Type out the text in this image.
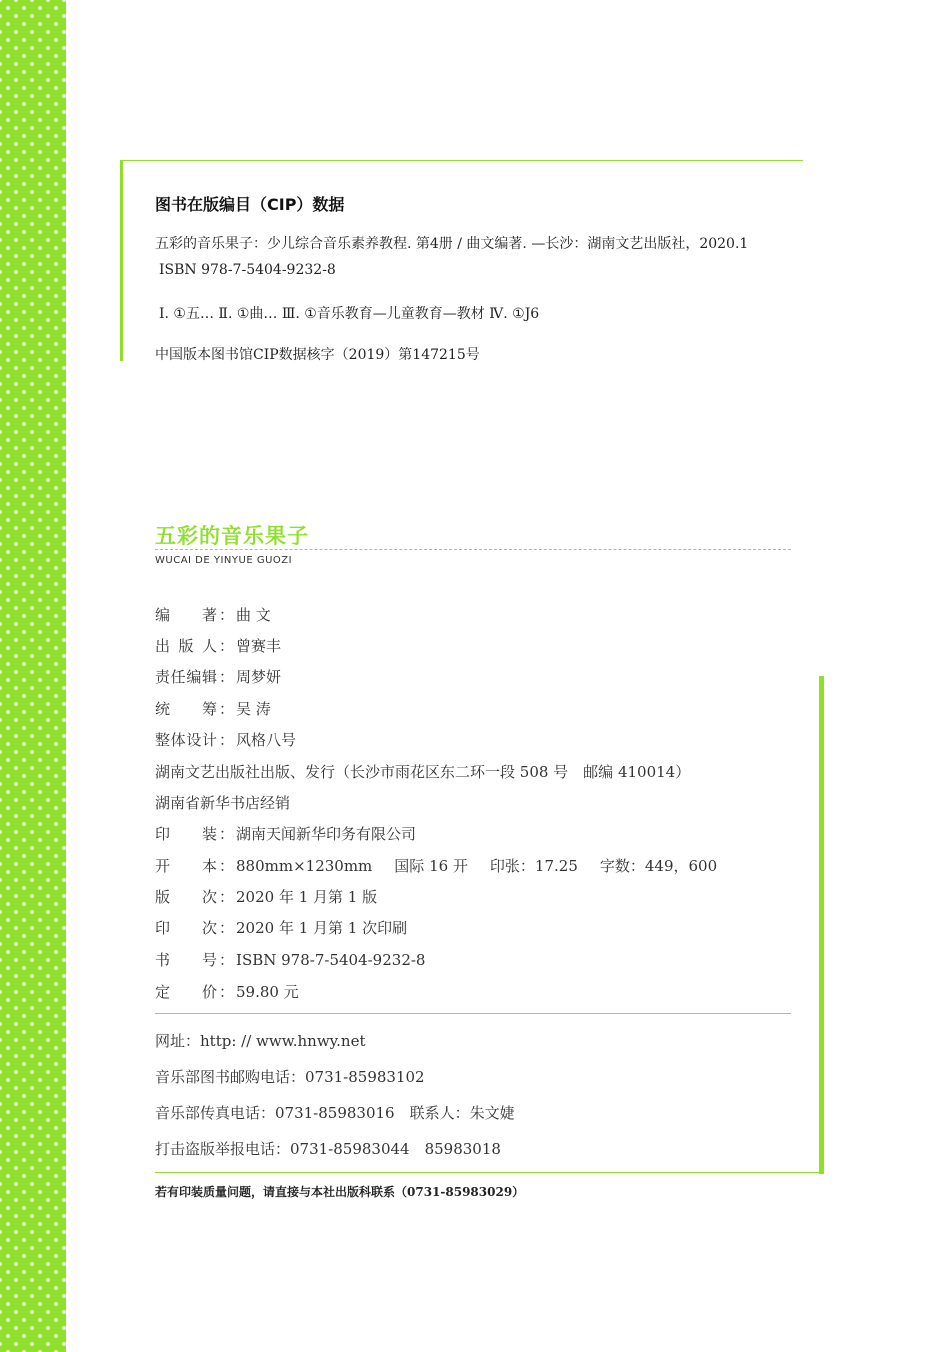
图书在版编目（CIP）数据
五彩的音乐果子：少儿综合音乐素养教程. 第4册 / 曲文编著. —长沙：湖南文艺出版社，2020.1
ISBN 978-7-5404-9232-8
Ⅰ. ①五… Ⅱ. ①曲… Ⅲ. ①音乐教育—儿童教育—教材 Ⅳ. ①J6
中国版本图书馆CIP数据核字（2019）第147215号
五彩的音乐果子
WUCAI DE YINYUE GUOZI
编著 ： 曲 文
出版人 ： 曾赛丰
责任编辑 ： 周梦妍
统筹 ： 吴 涛
整体设计 ： 风格八号
湖南文艺出版社出版、发行（长沙市雨花区东二环一段 508 号　邮编 410014）
湖南省新华书店经销
印装 ： 湖南天闻新华印务有限公司
开本 ： 880mm×1230mm 国际 16 开 印张：17.25 字数：449，600
版次 ： 2020 年 1 月第 1 版
印次 ： 2020 年 1 月第 1 次印刷
书号 ： ISBN 978-7-5404-9232-8
定价 ： 59.80 元
网址：http: // www.hnwy.net
音乐部图书邮购电话：0731-85983102
音乐部传真电话：0731-85983016　联系人：朱文婕
打击盗版举报电话：0731-85983044　85983018
若有印装质量问题，请直接与本社出版科联系（0731-85983029）
